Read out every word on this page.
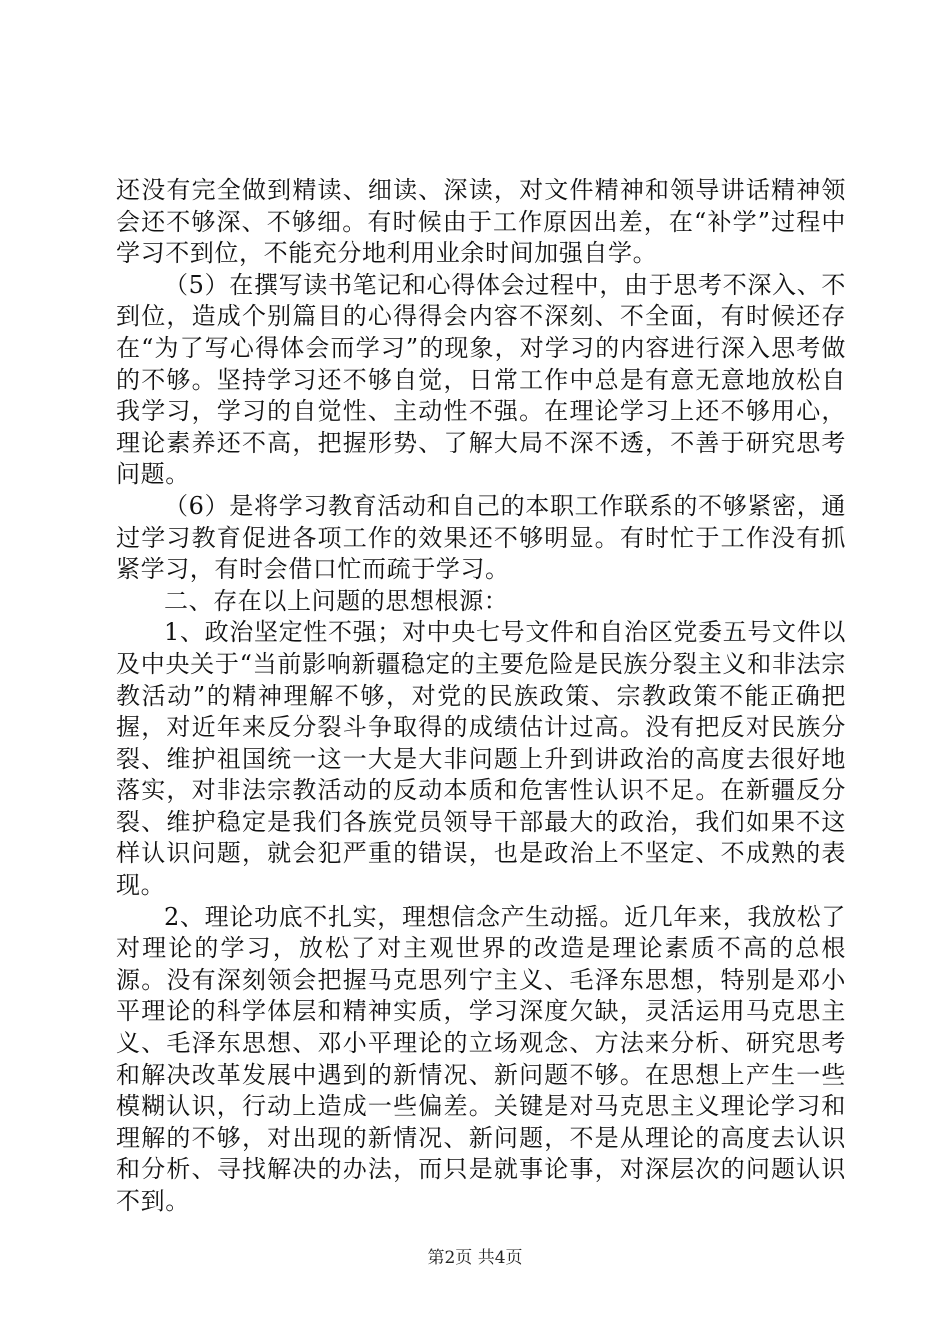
还没有完全做到精读、细读、深读，对文件精神和领导讲话精神领会还不够深、不够细。有时候由于工作原因出差，在“补学”过程中学习不到位，不能充分地利用业余时间加强自学。

（5）在撰写读书笔记和心得体会过程中，由于思考不深入、不到位，造成个别篇目的心得得会内容不深刻、不全面，有时候还存在“为了写心得体会而学习”的现象，对学习的内容进行深入思考做的不够。坚持学习还不够自觉，日常工作中总是有意无意地放松自我学习，学习的自觉性、主动性不强。在理论学习上还不够用心，理论素养还不高，把握形势、了解大局不深不透，不善于研究思考问题。

（6）是将学习教育活动和自己的本职工作联系的不够紧密，通过学习教育促进各项工作的效果还不够明显。有时忙于工作没有抓紧学习，有时会借口忙而疏于学习。

二、存在以上问题的思想根源：

1、政治坚定性不强；对中央七号文件和自治区党委五号文件以及中央关于“当前影响新疆稳定的主要危险是民族分裂主义和非法宗教活动”的精神理解不够，对党的民族政策、宗教政策不能正确把握，对近年来反分裂斗争取得的成绩估计过高。没有把反对民族分裂、维护祖国统一这一大是大非问题上升到讲政治的高度去很好地落实，对非法宗教活动的反动本质和危害性认识不足。在新疆反分裂、维护稳定是我们各族党员领导干部最大的政治，我们如果不这样认识问题，就会犯严重的错误，也是政治上不坚定、不成熟的表现。

2、理论功底不扎实，理想信念产生动摇。近几年来，我放松了对理论的学习，放松了对主观世界的改造是理论素质不高的总根源。没有深刻领会把握马克思列宁主义、毛泽东思想，特别是邓小平理论的科学体层和精神实质，学习深度欠缺，灵活运用马克思主义、毛泽东思想、邓小平理论的立场观念、方法来分析、研究思考和解决改革发展中遇到的新情况、新问题不够。在思想上产生一些模糊认识，行动上造成一些偏差。关键是对马克思主义理论学习和理解的不够，对出现的新情况、新问题，不是从理论的高度去认识和分析、寻找解决的办法，而只是就事论事，对深层次的问题认识不到。

第2页 共4页
